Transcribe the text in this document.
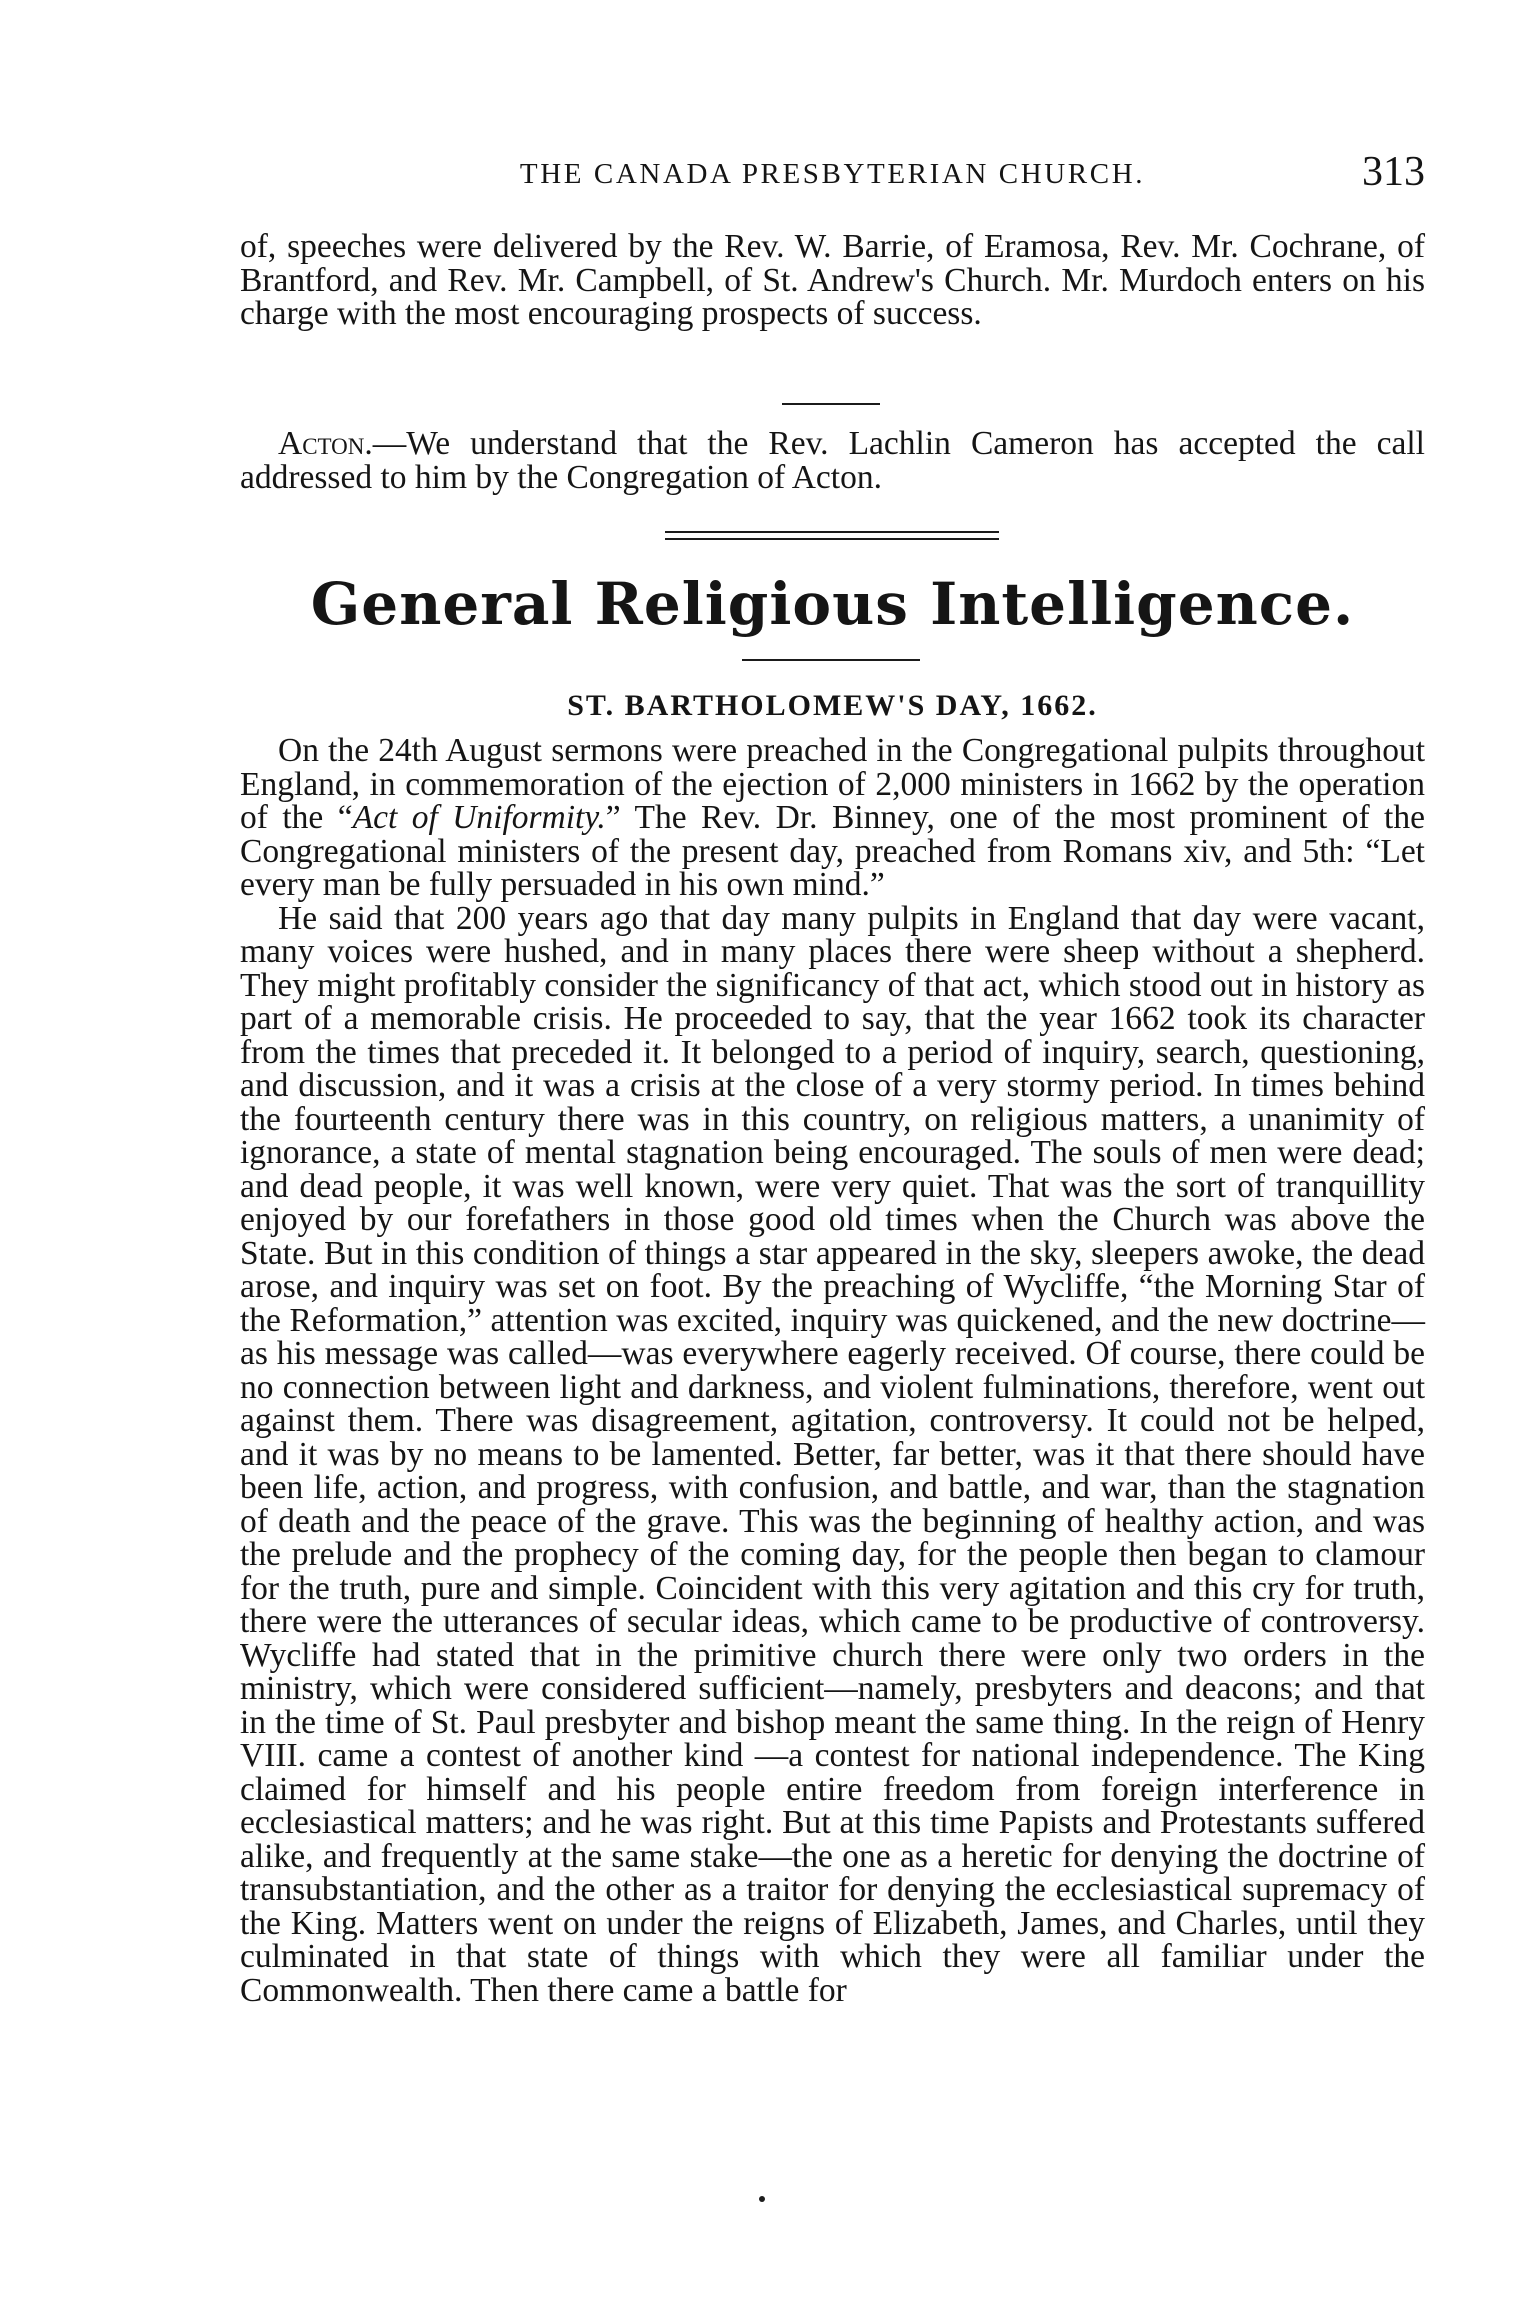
THE CANADA PRESBYTERIAN CHURCH.	313

of, speeches were delivered by the Rev. W. Barrie, of Eramosa, Rev. Mr. Cochrane, of Brantford, and Rev. Mr. Campbell, of St. Andrew's Church. Mr. Murdoch enters on his charge with the most encouraging prospects of success.

Acton.—We understand that the Rev. Lachlin Cameron has accepted the call addressed to him by the Congregation of Acton.

General Religious Intelligence.
ST. BARTHOLOMEW'S DAY, 1662.

On the 24th August sermons were preached in the Congregational pulpits throughout England, in commemoration of the ejection of 2,000 ministers in 1662 by the operation of the “Act of Uniformity.” The Rev. Dr. Binney, one of the most prominent of the Congregational ministers of the present day, preached from Romans xiv, and 5th: “Let every man be fully persuaded in his own mind.”

He said that 200 years ago that day many pulpits in England that day were vacant, many voices were hushed, and in many places there were sheep without a shepherd. They might profitably consider the significancy of that act, which stood out in history as part of a memorable crisis. He proceeded to say, that the year 1662 took its character from the times that preceded it. It belonged to a period of inquiry, search, questioning, and discussion, and it was a crisis at the close of a very stormy period. In times behind the fourteenth century there was in this country, on religious matters, a unanimity of ignorance, a state of mental stagnation being encouraged. The souls of men were dead; and dead people, it was well known, were very quiet. That was the sort of tranquillity enjoyed by our forefathers in those good old times when the Church was above the State. But in this condition of things a star appeared in the sky, sleepers awoke, the dead arose, and inquiry was set on foot. By the preaching of Wycliffe, “the Morning Star of the Reformation,” attention was excited, inquiry was quickened, and the new doctrine—as his message was called—was everywhere eagerly received. Of course, there could be no connection between light and darkness, and violent fulminations, therefore, went out against them. There was disagreement, agitation, controversy. It could not be helped, and it was by no means to be lamented. Better, far better, was it that there should have been life, action, and progress, with confusion, and battle, and war, than the stagnation of death and the peace of the grave. This was the beginning of healthy action, and was the prelude and the prophecy of the coming day, for the people then began to clamour for the truth, pure and simple. Coincident with this very agitation and this cry for truth, there were the utterances of secular ideas, which came to be productive of controversy. Wycliffe had stated that in the primitive church there were only two orders in the ministry, which were considered sufficient—namely, presbyters and deacons; and that in the time of St. Paul presbyter and bishop meant the same thing. In the reign of Henry VIII. came a contest of another kind —a contest for national independence. The King claimed for himself and his people entire freedom from foreign interference in ecclesiastical matters; and he was right. But at this time Papists and Protestants suffered alike, and frequently at the same stake—the one as a heretic for denying the doctrine of transubstantiation, and the other as a traitor for denying the ecclesiastical supremacy of the King. Matters went on under the reigns of Elizabeth, James, and Charles, until they culminated in that state of things with which they were all familiar under the Commonwealth. Then there came a battle for
